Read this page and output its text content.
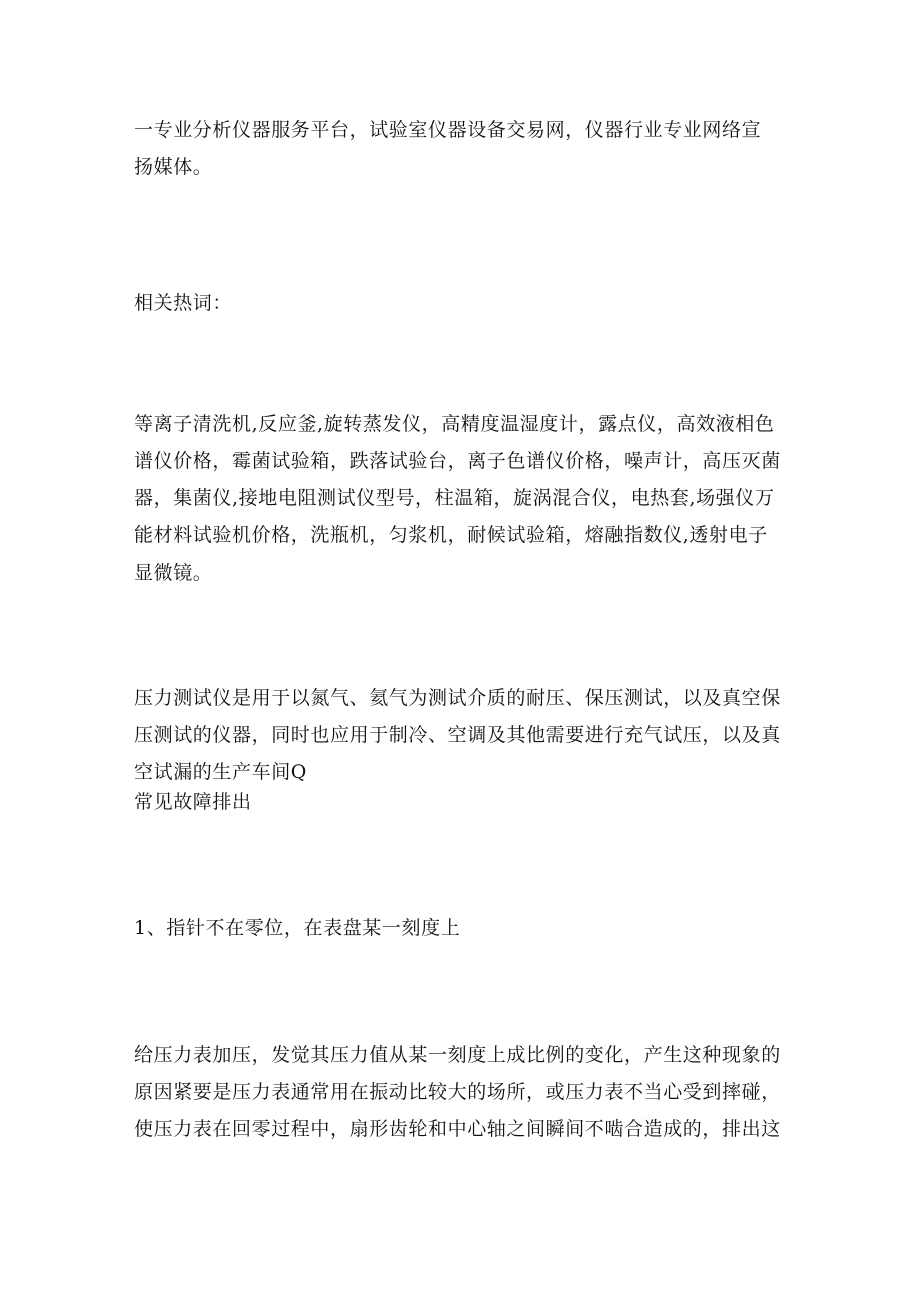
一专业分析仪器服务平台，试验室仪器设备交易网，仪器行业专业网络宣
扬媒体。
相关热词：
等离子清洗机,反应釜,旋转蒸发仪，高精度温湿度计，露点仪，高效液相色
谱仪价格，霉菌试验箱，跌落试验台，离子色谱仪价格，噪声计，高压灭菌
器，集菌仪,接地电阻测试仪型号，柱温箱，旋涡混合仪，电热套,场强仪万
能材料试验机价格，洗瓶机，匀浆机，耐候试验箱，熔融指数仪,透射电子
显微镜。
压力测试仪是用于以氮气、氦气为测试介质的耐压、保压测试，以及真空保
压测试的仪器，同时也应用于制冷、空调及其他需要进行充气试压，以及真
空试漏的生产车间Q
常见故障排出
1、指针不在零位，在表盘某一刻度上
给压力表加压，发觉其压力值从某一刻度上成比例的变化，产生这种现象的
原因紧要是压力表通常用在振动比较大的场所，或压力表不当心受到摔碰，
使压力表在回零过程中，扇形齿轮和中心轴之间瞬间不啮合造成的，排出这
